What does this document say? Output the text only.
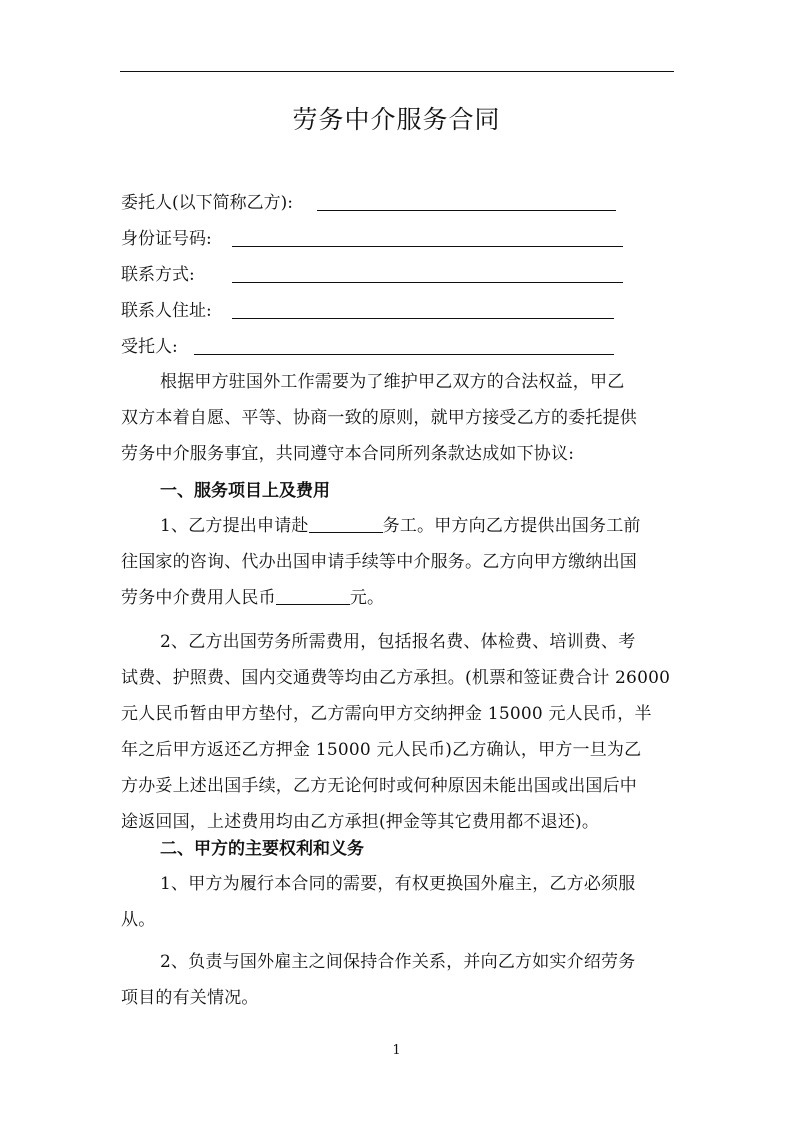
劳务中介服务合同
委托人(以下简称乙方):
身份证号码:
联系方式:
联系人住址:
受托人:
根据甲方驻国外工作需要为了维护甲乙双方的合法权益，甲乙
双方本着自愿、平等、协商一致的原则，就甲方接受乙方的委托提供
劳务中介服务事宜，共同遵守本合同所列条款达成如下协议:
一、服务项目上及费用
1、乙方提出申请赴	务工。甲方向乙方提供出国务工前
往国家的咨询、代办出国申请手续等中介服务。乙方向甲方缴纳出国
劳务中介费用人民币	元。
2、乙方出国劳务所需费用，包括报名费、体检费、培训费、考
试费、护照费、国内交通费等均由乙方承担。(机票和签证费合计 26000
元人民币暂由甲方垫付，乙方需向甲方交纳押金 15000 元人民币，半
年之后甲方返还乙方押金 15000 元人民币)乙方确认，甲方一旦为乙
方办妥上述出国手续，乙方无论何时或何种原因未能出国或出国后中
途返回国，上述费用均由乙方承担(押金等其它费用都不退还)。
二、甲方的主要权利和义务
1、甲方为履行本合同的需要，有权更换国外雇主，乙方必须服
从。
2、负责与国外雇主之间保持合作关系，并向乙方如实介绍劳务
项目的有关情况。
1
